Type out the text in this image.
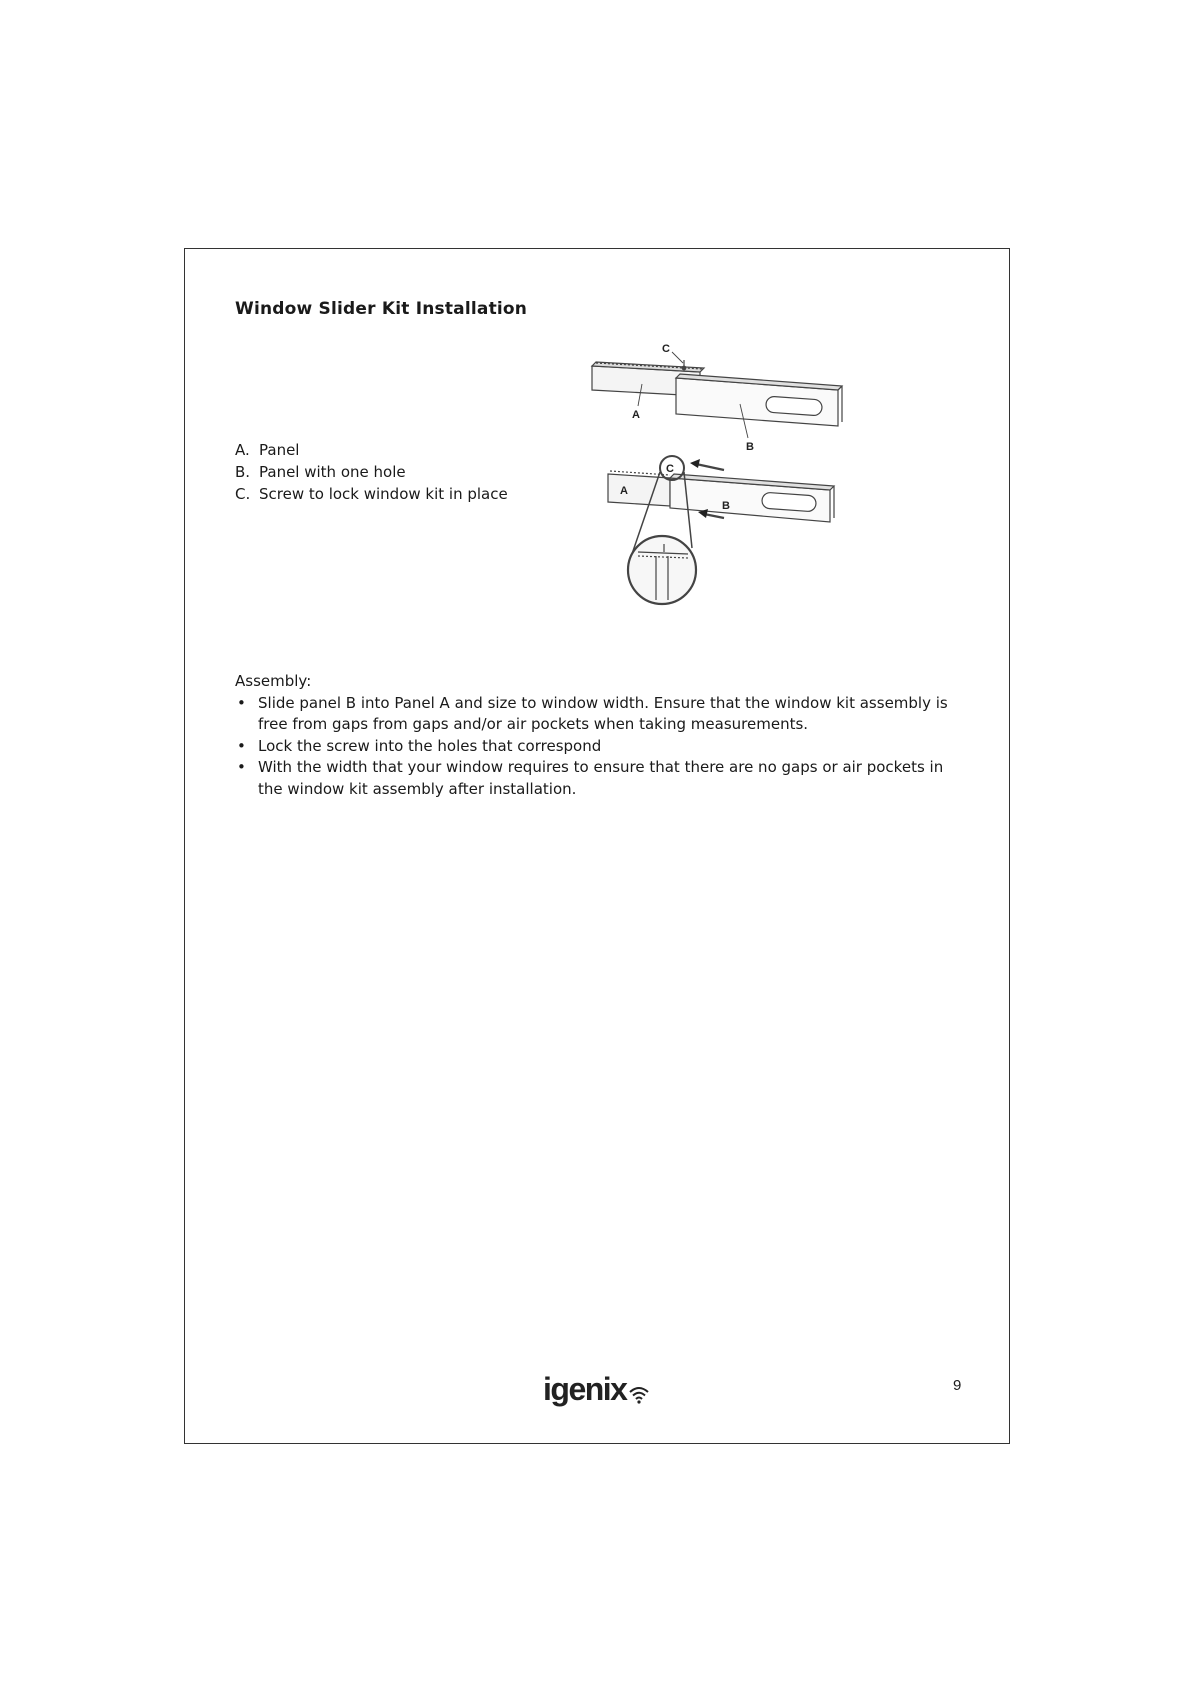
Window Slider Kit Installation
A. Panel
B. Panel with one hole
C. Screw to lock window kit in place
C
A
B
C
A
B

Assembly:

• Slide panel B into Panel A and size to window width. Ensure that the window kit assembly is free from gaps from gaps and/or air pockets when taking measurements.
• Lock the screw into the holes that correspond
• With the width that your window requires to ensure that there are no gaps or air pockets in the window kit assembly after installation.
igenix	9
